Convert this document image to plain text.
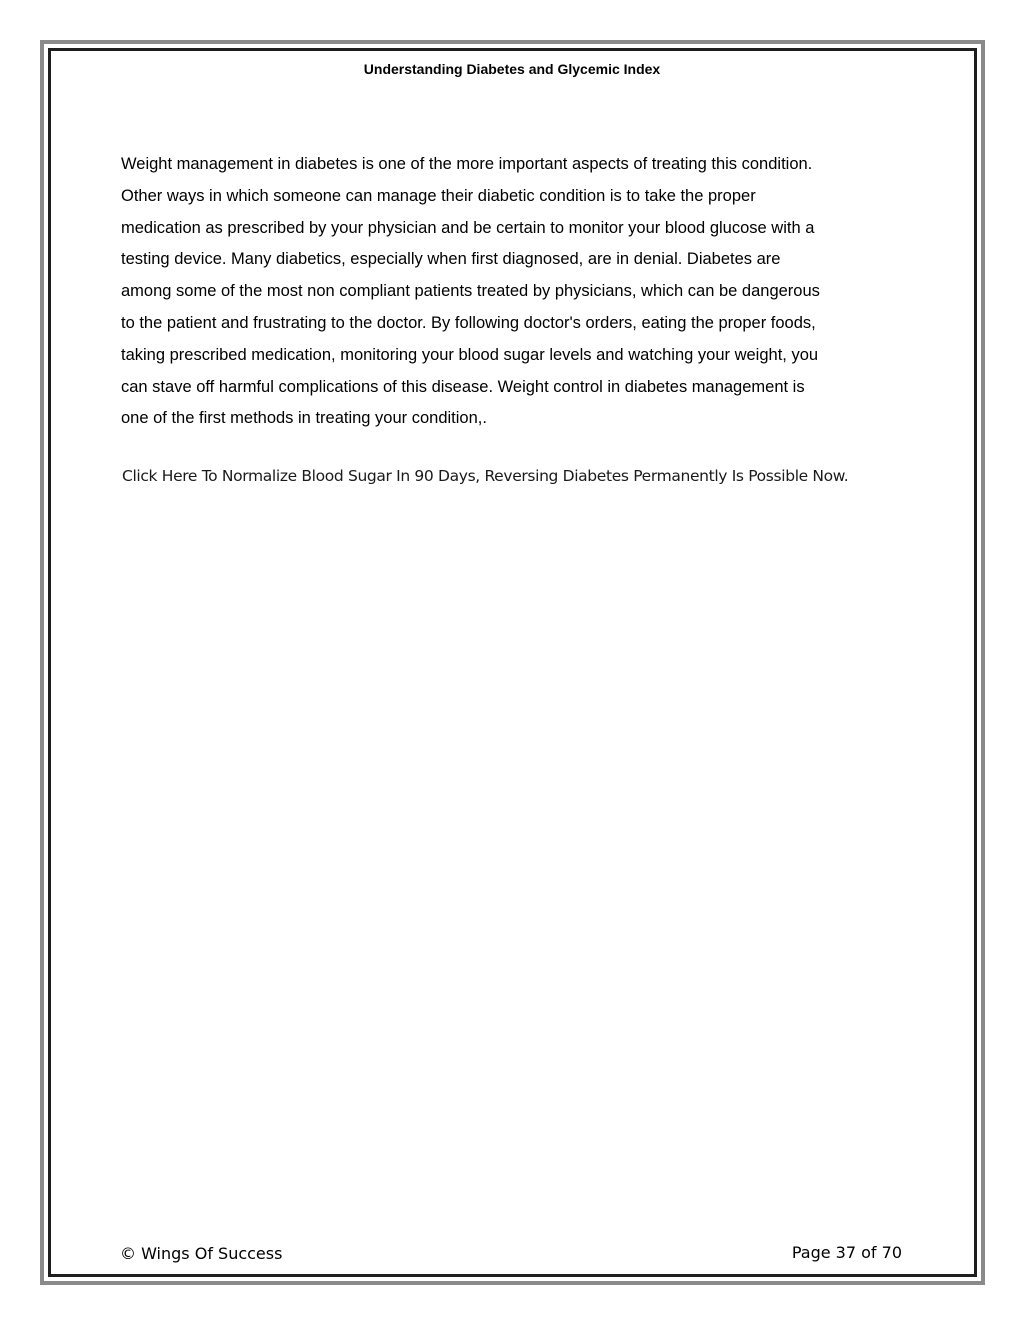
Understanding Diabetes and Glycemic Index

Weight management in diabetes is one of the more important aspects of treating this condition.
Other ways in which someone can manage their diabetic condition is to take the proper
medication as prescribed by your physician and be certain to monitor your blood glucose with a
testing device. Many diabetics, especially when first diagnosed, are in denial. Diabetes are
among some of the most non compliant patients treated by physicians, which can be dangerous
to the patient and frustrating to the doctor. By following doctor's orders, eating the proper foods,
taking prescribed medication, monitoring your blood sugar levels and watching your weight, you
can stave off harmful complications of this disease. Weight control in diabetes management is
one of the first methods in treating your condition,.

Click Here To Normalize Blood Sugar In 90 Days, Reversing Diabetes Permanently Is Possible Now.
© Wings Of Success	Page 37 of 70
